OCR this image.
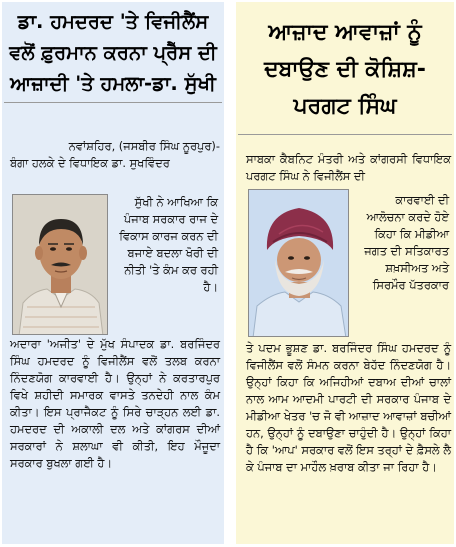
ਡਾ. ਹਮਦਰਦ 'ਤੇ ਵਿਜੀਲੈਂਸ ਵਲੋਂ ਫ਼ੁਰਮਾਨ ਕਰਨਾ ਪ੍ਰੈੱਸ ਦੀ ਆਜ਼ਾਦੀ 'ਤੇ ਹਮਲਾ-ਡਾ. ਸੁੱਖੀ
ਨਵਾਂਸ਼ਹਿਰ, (ਜਸਬੀਰ ਸਿੰਘ ਨੂਰਪੁਰ)-
ਬੰਗਾ ਹਲਕੇ ਦੇ ਵਿਧਾਇਕ ਡਾ. ਸੁਖਵਿੰਦਰ
ਸੁੱਖੀ ਨੇ ਆਖਿਆ ਕਿ ਪੰਜਾਬ ਸਰਕਾਰ ਰਾਜ ਦੇ ਵਿਕਾਸ ਕਾਰਜ ਕਰਨ ਦੀ ਬਜਾਏ ਬਦਲਾ ਖੋਰੀ ਦੀ ਨੀਤੀ 'ਤੇ ਕੰਮ ਕਰ ਰਹੀ ਹੈ।
ਅਦਾਰਾ 'ਅਜੀਤ' ਦੇ ਮੁੱਖ ਸੰਪਾਦਕ ਡਾ. ਬਰਜਿੰਦਰ ਸਿੰਘ ਹਮਦਰਦ ਨੂੰ ਵਿਜੀਲੈਂਸ ਵਲੋਂ ਤਲਬ ਕਰਨਾ ਨਿੰਦਣਯੋਗ ਕਾਰਵਾਈ ਹੈ। ਉਨ੍ਹਾਂ ਨੇ ਕਰਤਾਰਪੁਰ ਵਿਖੇ ਸ਼ਹੀਦੀ ਸਮਾਰਕ ਵਾਸਤੇ ਤਨਦੇਹੀ ਨਾਲ ਕੰਮ ਕੀਤਾ। ਇਸ ਪ੍ਰਾਜੈਕਟ ਨੂੰ ਸਿਰੇ ਚਾੜ੍ਹਨ ਲਈ ਡਾ. ਹਮਦਰਦ ਦੀ ਅਕਾਲੀ ਦਲ ਅਤੇ ਕਾਂਗਰਸ ਦੀਆਂ ਸਰਕਾਰਾਂ ਨੇ ਸ਼ਲਾਘਾ ਵੀ ਕੀਤੀ, ਇਹ ਮੌਜੂਦਾ ਸਰਕਾਰ ਬੁਖਲਾ ਗਈ ਹੈ।
ਆਜ਼ਾਦ ਆਵਾਜ਼ਾਂ ਨੂੰ ਦਬਾਉਣ ਦੀ ਕੋਸ਼ਿਸ਼-ਪਰਗਟ ਸਿੰਘ
ਸਾਬਕਾ ਕੈਬਨਿਟ ਮੰਤਰੀ ਅਤੇ ਕਾਂਗਰਸੀ ਵਿਧਾਇਕ ਪਰਗਟ ਸਿੰਘ ਨੇ ਵਿਜੀਲੈਂਸ ਦੀ
ਕਾਰਵਾਈ ਦੀ ਆਲੋਚਨਾ ਕਰਦੇ ਹੋਏ ਕਿਹਾ ਕਿ ਮੀਡੀਆ ਜਗਤ ਦੀ ਸਤਿਕਾਰਤ ਸ਼ਖ਼ਸੀਅਤ ਅਤੇ ਸਿਰਮੌਰ ਪੱਤਰਕਾਰ
ਤੇ ਪਦਮ ਭੂਸ਼ਣ ਡਾ. ਬਰਜਿੰਦਰ ਸਿੰਘ ਹਮਦਰਦ ਨੂੰ ਵਿਜੀਲੈਂਸ ਵਲੋਂ ਸੰਮਨ ਕਰਨਾ ਬੇਹੱਦ ਨਿੰਦਣਯੋਗ ਹੈ। ਉਨ੍ਹਾਂ ਕਿਹਾ ਕਿ ਅਜਿਹੀਆਂ ਦਬਾਅ ਦੀਆਂ ਚਾਲਾਂ ਨਾਲ ਆਮ ਆਦਮੀ ਪਾਰਟੀ ਦੀ ਸਰਕਾਰ ਪੰਜਾਬ ਦੇ ਮੀਡੀਆ ਖੇਤਰ 'ਚ ਜੋ ਵੀ ਆਜ਼ਾਦ ਆਵਾਜ਼ਾਂ ਬਚੀਆਂ ਹਨ, ਉਨ੍ਹਾਂ ਨੂੰ ਦਬਾਉਣਾ ਚਾਹੁੰਦੀ ਹੈ। ਉਨ੍ਹਾਂ ਕਿਹਾ ਹੈ ਕਿ 'ਆਪ' ਸਰਕਾਰ ਵਲੋਂ ਇਸ ਤਰ੍ਹਾਂ ਦੇ ਫ਼ੈਸਲੇ ਲੈ ਕੇ ਪੰਜਾਬ ਦਾ ਮਾਹੌਲ ਖ਼ਰਾਬ ਕੀਤਾ ਜਾ ਰਿਹਾ ਹੈ।
